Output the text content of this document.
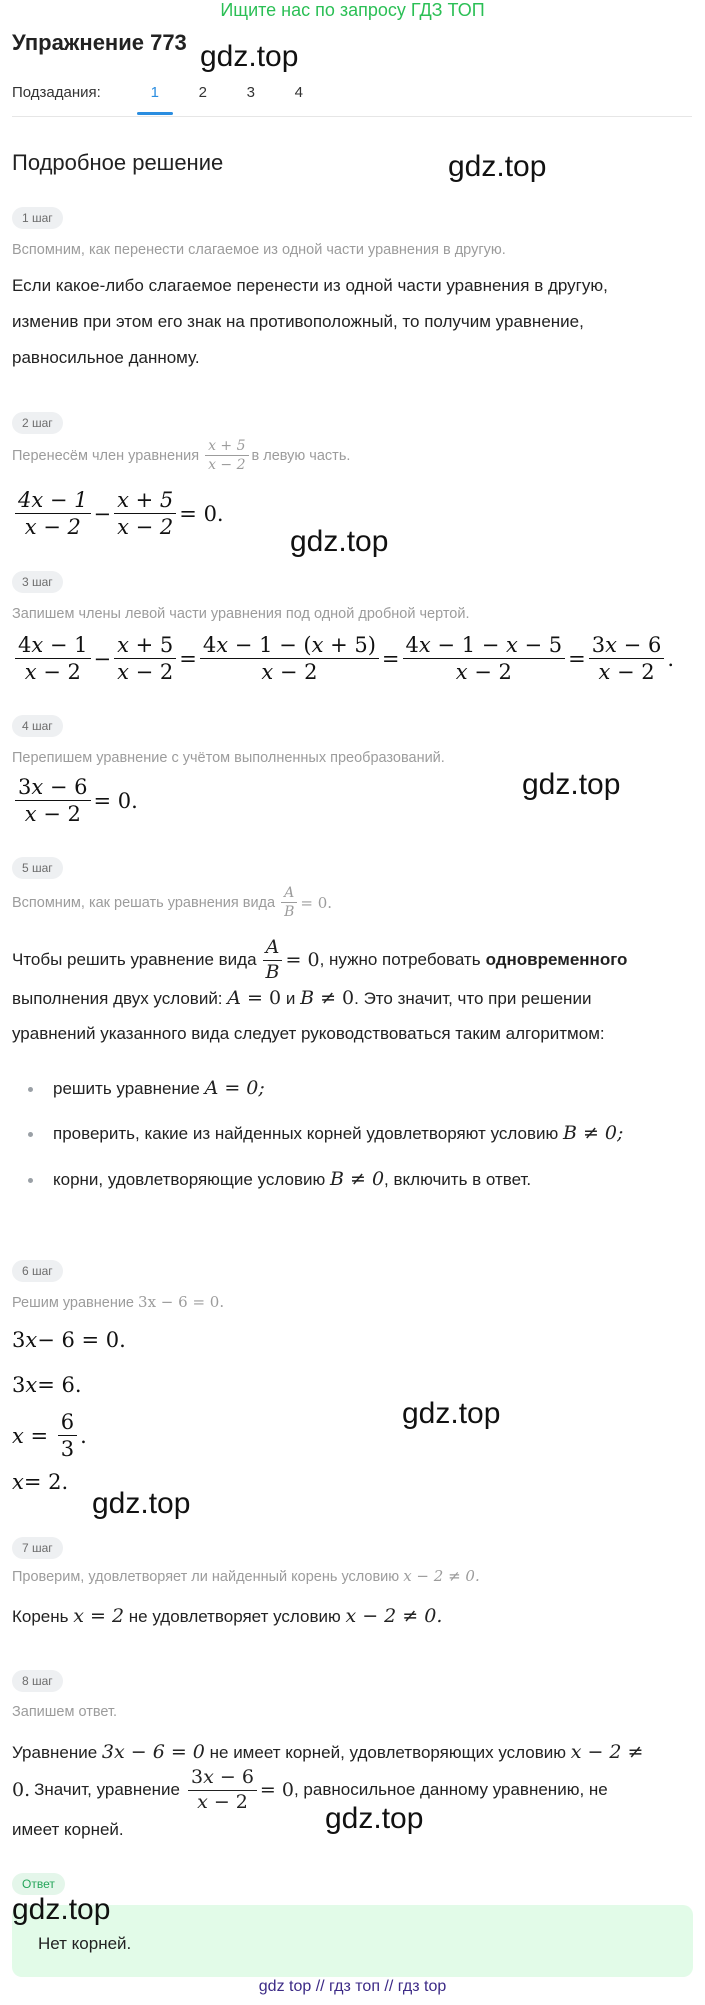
Ищите нас по запросу ГДЗ ТОП
Упражнение 773 gdz.top
Подзадания:	1	2	3	4
Подробное решение	gdz.top
1 шаг
Вспомним, как перенести слагаемое из одной части уравнения в другую.
Если какое-либо слагаемое перенести из одной части уравнения в другую,
изменив при этом его знак на противоположный, то получим уравнение,
равносильное данному.
2 шаг
Перенесём член уравнения $\frac{x + 5}{x - 2}$ в левую часть.
$\frac{4x - 1}{x - 2} - \frac{x + 5}{x - 2} = 0$.
gdz.top
3 шаг
Запишем члены левой части уравнения под одной дробной чертой.
$\frac{4x - 1}{x - 2} - \frac{x + 5}{x - 2} = \frac{4x - 1 - (x + 5)}{x - 2} = \frac{4x - 1 - x - 5}{x - 2} = \frac{3x - 6}{x - 2}$ .
4 шаг
Перепишем уравнение с учётом выполненных преобразований.
$\frac{3x - 6}{x - 2} = 0$.	gdz.top
5 шаг
Вспомним, как решать уравнения вида $\frac{A}{B} = 0$.
Чтобы решить уравнение вида $\frac{A}{B} = 0$ , нужно потребовать одновременного
выполнения двух условий: A = 0 и B ≠ 0. Это значит, что при решении
уравнений указанного вида следует руководствоваться таким алгоритмом:
решить уравнение A = 0;
проверить, какие из найденных корней удовлетворяют условию B ≠ 0;
корни, удовлетворяющие условию B ≠ 0, включить в ответ.
6 шаг
Решим уравнение 3x − 6 = 0.
3 x − 6 = 0.
3 x = 6.
$x = \frac{6}{3}$ .
x = 2.
gdz.top
gdz.top
7 шаг
Проверим, удовлетворяет ли найденный корень условию x − 2 ≠ 0.
Корень x = 2 не удовлетворяет условию x − 2 ≠ 0.
8 шаг
Запишем ответ.
Уравнение 3x − 6 = 0 не имеет корней, удовлетворяющих условию x − 2 ≠
0. Значит, уравнение $\frac{3x - 6}{x - 2} = 0$ , равносильное данному уравнению, не
имеет корней.	gdz.top
Ответ
Нет корней.
gdz.top
gdz top // гдз топ // гдз top
